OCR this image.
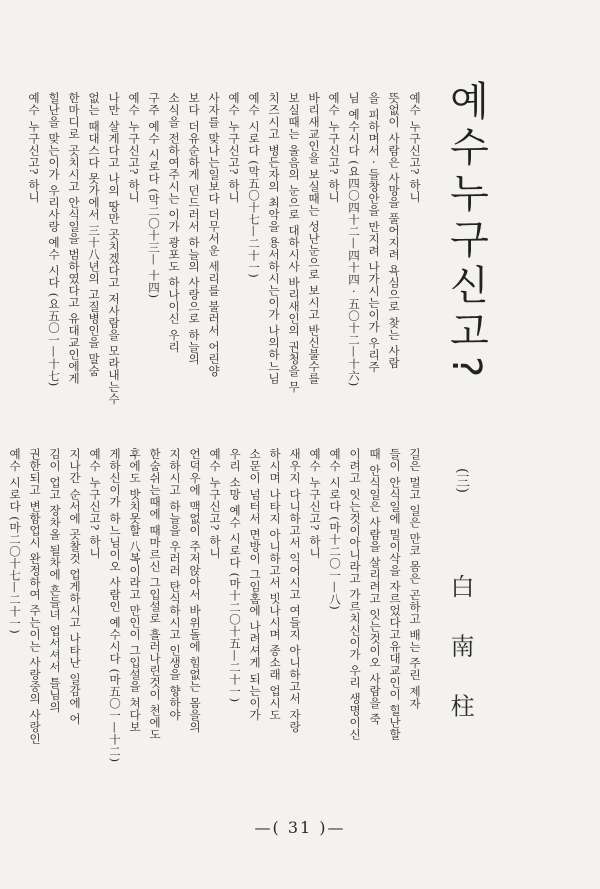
예수누구신고?
(三)
白 南 柱
예수 누구신고? 하니
뜻없이 사람은 사망을 풀어지려 욕심으로 찾는 사람
을 피하며서 · 들창안을 만지려 나가시는이가 우리주
님 예수시다 (요四〇四十二—四十四 · 五〇十二—十六)
예수 누구신고? 하니
바리새교인을 보실때는 성난눈으로 보시고 반신불수를
보실때는 울음의 눈으로 대하시사 바리새인의 권청을 무
치즈시고 병든자의 최악을 용서하시는이가 나의하느님
예수 시로다 (막五〇十七—二十一)
예수 누구신고? 하니
사자를 맞나는일보다 더무서운 세리를 불러서 어린양
보다 더유순하게 던드러서 하늘의 사랑으로 하늘의
소식을 전하여주시는 이가 광포도 하나이신 우리
구주 예수 시로다 (막二〇十三— 十四)
예수 누구신고? 하니
나만 살게다고 나의 땅만 곳치겠다고 저사람을 모라내는수
없는 때대스다 못가에서 三十八년의 고질병인을 말숨
한마디로 곳치시고 안식일을 범하였다고 유대교인에게
힐난을 맞는이가 우리사랑 예수 시다 (요五〇一—十七)
예수 누구신고? 하니
길은 멀고 일은 만코 몸은 곤하고 배는 주린 제자
들이 안식일에 밀이삭을 자르었다고유대교인이 힐난할
때 안식일은 사람을 살리려고 잇는것이오 사람을 죽
이려고 잇는것이아니라고 가르치신이가 우리 생명이신
예수 시로다 (마十二〇一—八)
예수 누구신고? 하니
새우지 다니하고서 익어시고 여들지 아니하고서 자랑
하시며 나타지 아니하고서 빗나시며 종소래 업시도
소문이 넘터서 면방이 그임홈에 나려셔게 되는이가
우리 소망 예수 시로다 (마十二〇十五—二十一)
예수 누구신고? 하니
언덕우에 맥없이 주저앉아서 바위돌에 힘없는 몸을의
지하시고 하늘을 우러러 탄식하시고 인생을 향하야
한숨쉬는때에 때마르신 그입설로 흘러나린것이 천에도
후에도 밧치못할 八복이라고 만인이 그입설을 쳐다보
게하신이가 하느님이오 사람인 예수시다 (마五〇一—十二)
예수 누구신고? 하니
지나간 순서에 곳찰것 업게하시고 나타난 일감에 어
김이 업고 장차올 될차에 흔들녀 업서셔서 틀님의
권한되고 변함업시 완정하여 주는이는 사랑중의 사랑인
예수 시로다 (마二〇十七—二十一)
—( 31 )—
